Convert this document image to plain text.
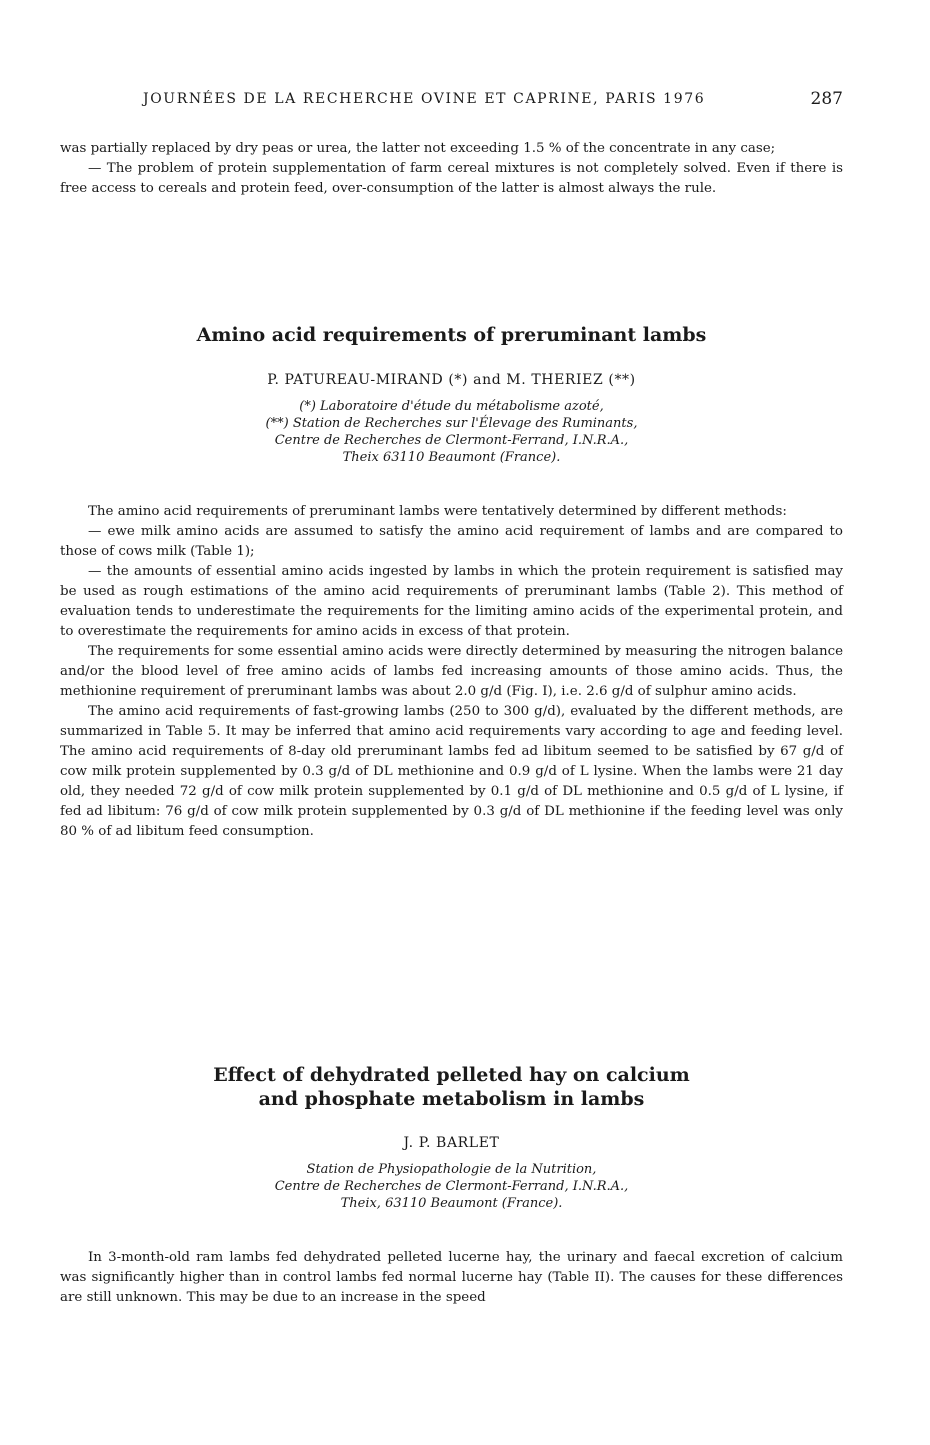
JOURNÉES DE LA RECHERCHE OVINE ET CAPRINE, PARIS 1976	287

was partially replaced by dry peas or urea, the latter not exceeding 1.5 % of the concentrate in any case;

— The problem of protein supplementation of farm cereal mixtures is not completely solved. Even if there is free access to cereals and protein feed, over-consumption of the latter is almost always the rule.

Amino acid requirements of preruminant lambs
P. PATUREAU-MIRAND (*) and M. THERIEZ (**)
(*) Laboratoire d'étude du métabolisme azoté,
(**) Station de Recherches sur l'Élevage des Ruminants,
Centre de Recherches de Clermont-Ferrand, I.N.R.A.,
Theix 63110 Beaumont (France).

The amino acid requirements of preruminant lambs were tentatively determined by different methods:

— ewe milk amino acids are assumed to satisfy the amino acid requirement of lambs and are compared to those of cows milk (Table 1);

— the amounts of essential amino acids ingested by lambs in which the protein requirement is satisfied may be used as rough estimations of the amino acid requirements of preruminant lambs (Table 2). This method of evaluation tends to underestimate the requirements for the limiting amino acids of the experimental protein, and to overestimate the requirements for amino acids in excess of that protein.

The requirements for some essential amino acids were directly determined by measuring the nitrogen balance and/or the blood level of free amino acids of lambs fed increasing amounts of those amino acids. Thus, the methionine requirement of preruminant lambs was about 2.0 g/d (Fig. I), i.e. 2.6 g/d of sulphur amino acids.

The amino acid requirements of fast-growing lambs (250 to 300 g/d), evaluated by the different methods, are summarized in Table 5. It may be inferred that amino acid requirements vary according to age and feeding level. The amino acid requirements of 8-day old preruminant lambs fed ad libitum seemed to be satisfied by 67 g/d of cow milk protein supplemented by 0.3 g/d of DL methionine and 0.9 g/d of L lysine. When the lambs were 21 day old, they needed 72 g/d of cow milk protein supplemented by 0.1 g/d of DL methionine and 0.5 g/d of L lysine, if fed ad libitum: 76 g/d of cow milk protein supplemented by 0.3 g/d of DL methionine if the feeding level was only 80 % of ad libitum feed consumption.

Effect of dehydrated pelleted hay on calcium
and phosphate metabolism in lambs
J. P. BARLET
Station de Physiopathologie de la Nutrition,
Centre de Recherches de Clermont-Ferrand, I.N.R.A.,
Theix, 63110 Beaumont (France).

In 3-month-old ram lambs fed dehydrated pelleted lucerne hay, the urinary and faecal excretion of calcium was significantly higher than in control lambs fed normal lucerne hay (Table II). The causes for these differences are still unknown. This may be due to an increase in the speed
